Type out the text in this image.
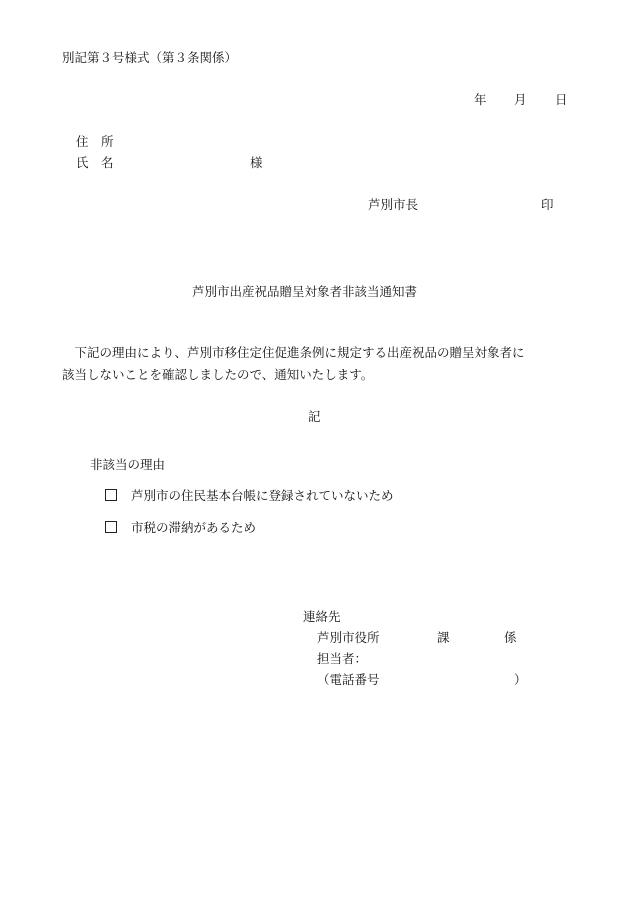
別記第３号様式（第３条関係）
年 月 日
住　所
氏　名	様
芦別市長	印
芦別市出産祝品贈呈対象者非該当通知書
　下記の理由により、芦別市移住定住促進条例に規定する出産祝品の贈呈対象者に
該当しないことを確認しましたので、通知いたします。
記
非該当の理由
芦別市の住民基本台帳に登録されていないため
市税の滞納があるため
連絡先
芦別市役所	課	係
担当者：
（電話番号	）
